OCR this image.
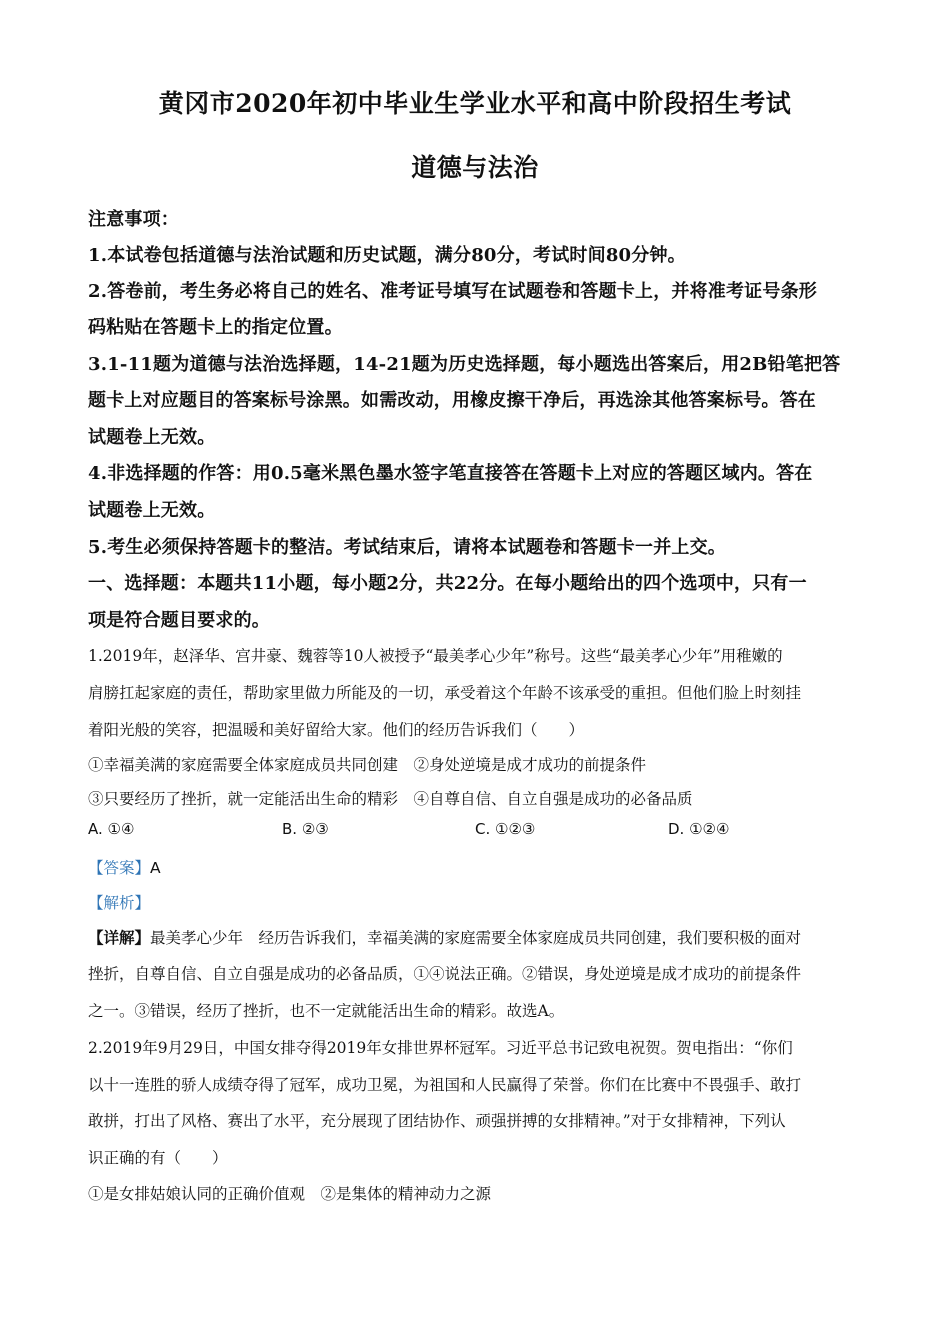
黄冈市2020年初中毕业生学业水平和高中阶段招生考试
道德与法治
注意事项：
1.本试卷包括道德与法治试题和历史试题，满分80分，考试时间80分钟。
2.答卷前，考生务必将自己的姓名、准考证号填写在试题卷和答题卡上，并将准考证号条形
码粘贴在答题卡上的指定位置。
3.1-11题为道德与法治选择题，14-21题为历史选择题，每小题选出答案后，用2B铅笔把答
题卡上对应题目的答案标号涂黑。如需改动，用橡皮擦干净后，再选涂其他答案标号。答在
试题卷上无效。
4.非选择题的作答：用0.5毫米黑色墨水签字笔直接答在答题卡上对应的答题区域内。答在
试题卷上无效。
5.考生必须保持答题卡的整洁。考试结束后，请将本试题卷和答题卡一并上交。
一、选择题：本题共11小题，每小题2分，共22分。在每小题给出的四个选项中，只有一
项是符合题目要求的。
1.2019年，赵泽华、宫井豪、魏蓉等10人被授予“最美孝心少年”称号。这些“最美孝心少年”用稚嫩的
肩膀扛起家庭的责任，帮助家里做力所能及的一切，承受着这个年龄不该承受的重担。但他们脸上时刻挂
着阳光般的笑容，把温暖和美好留给大家。他们的经历告诉我们（　　）
①幸福美满的家庭需要全体家庭成员共同创建　②身处逆境是成才成功的前提条件
③只要经历了挫折，就一定能活出生命的精彩　④自尊自信、自立自强是成功的必备品质
A. ①④	B. ②③	C. ①②③	D. ①②④
【答案】A
【解析】
【详解】最美孝心少年　经历告诉我们，幸福美满的家庭需要全体家庭成员共同创建，我们要积极的面对
挫折，自尊自信、自立自强是成功的必备品质，①④说法正确。②错误，身处逆境是成才成功的前提条件
之一。③错误，经历了挫折，也不一定就能活出生命的精彩。故选A。
2.2019年9月29日，中国女排夺得2019年女排世界杯冠军。习近平总书记致电祝贺。贺电指出：“你们
以十一连胜的骄人成绩夺得了冠军，成功卫冕，为祖国和人民赢得了荣誉。你们在比赛中不畏强手、敢打
敢拼，打出了风格、赛出了水平，充分展现了团结协作、顽强拼搏的女排精神。”对于女排精神，下列认
识正确的有（　　）
①是女排姑娘认同的正确价值观　②是集体的精神动力之源
